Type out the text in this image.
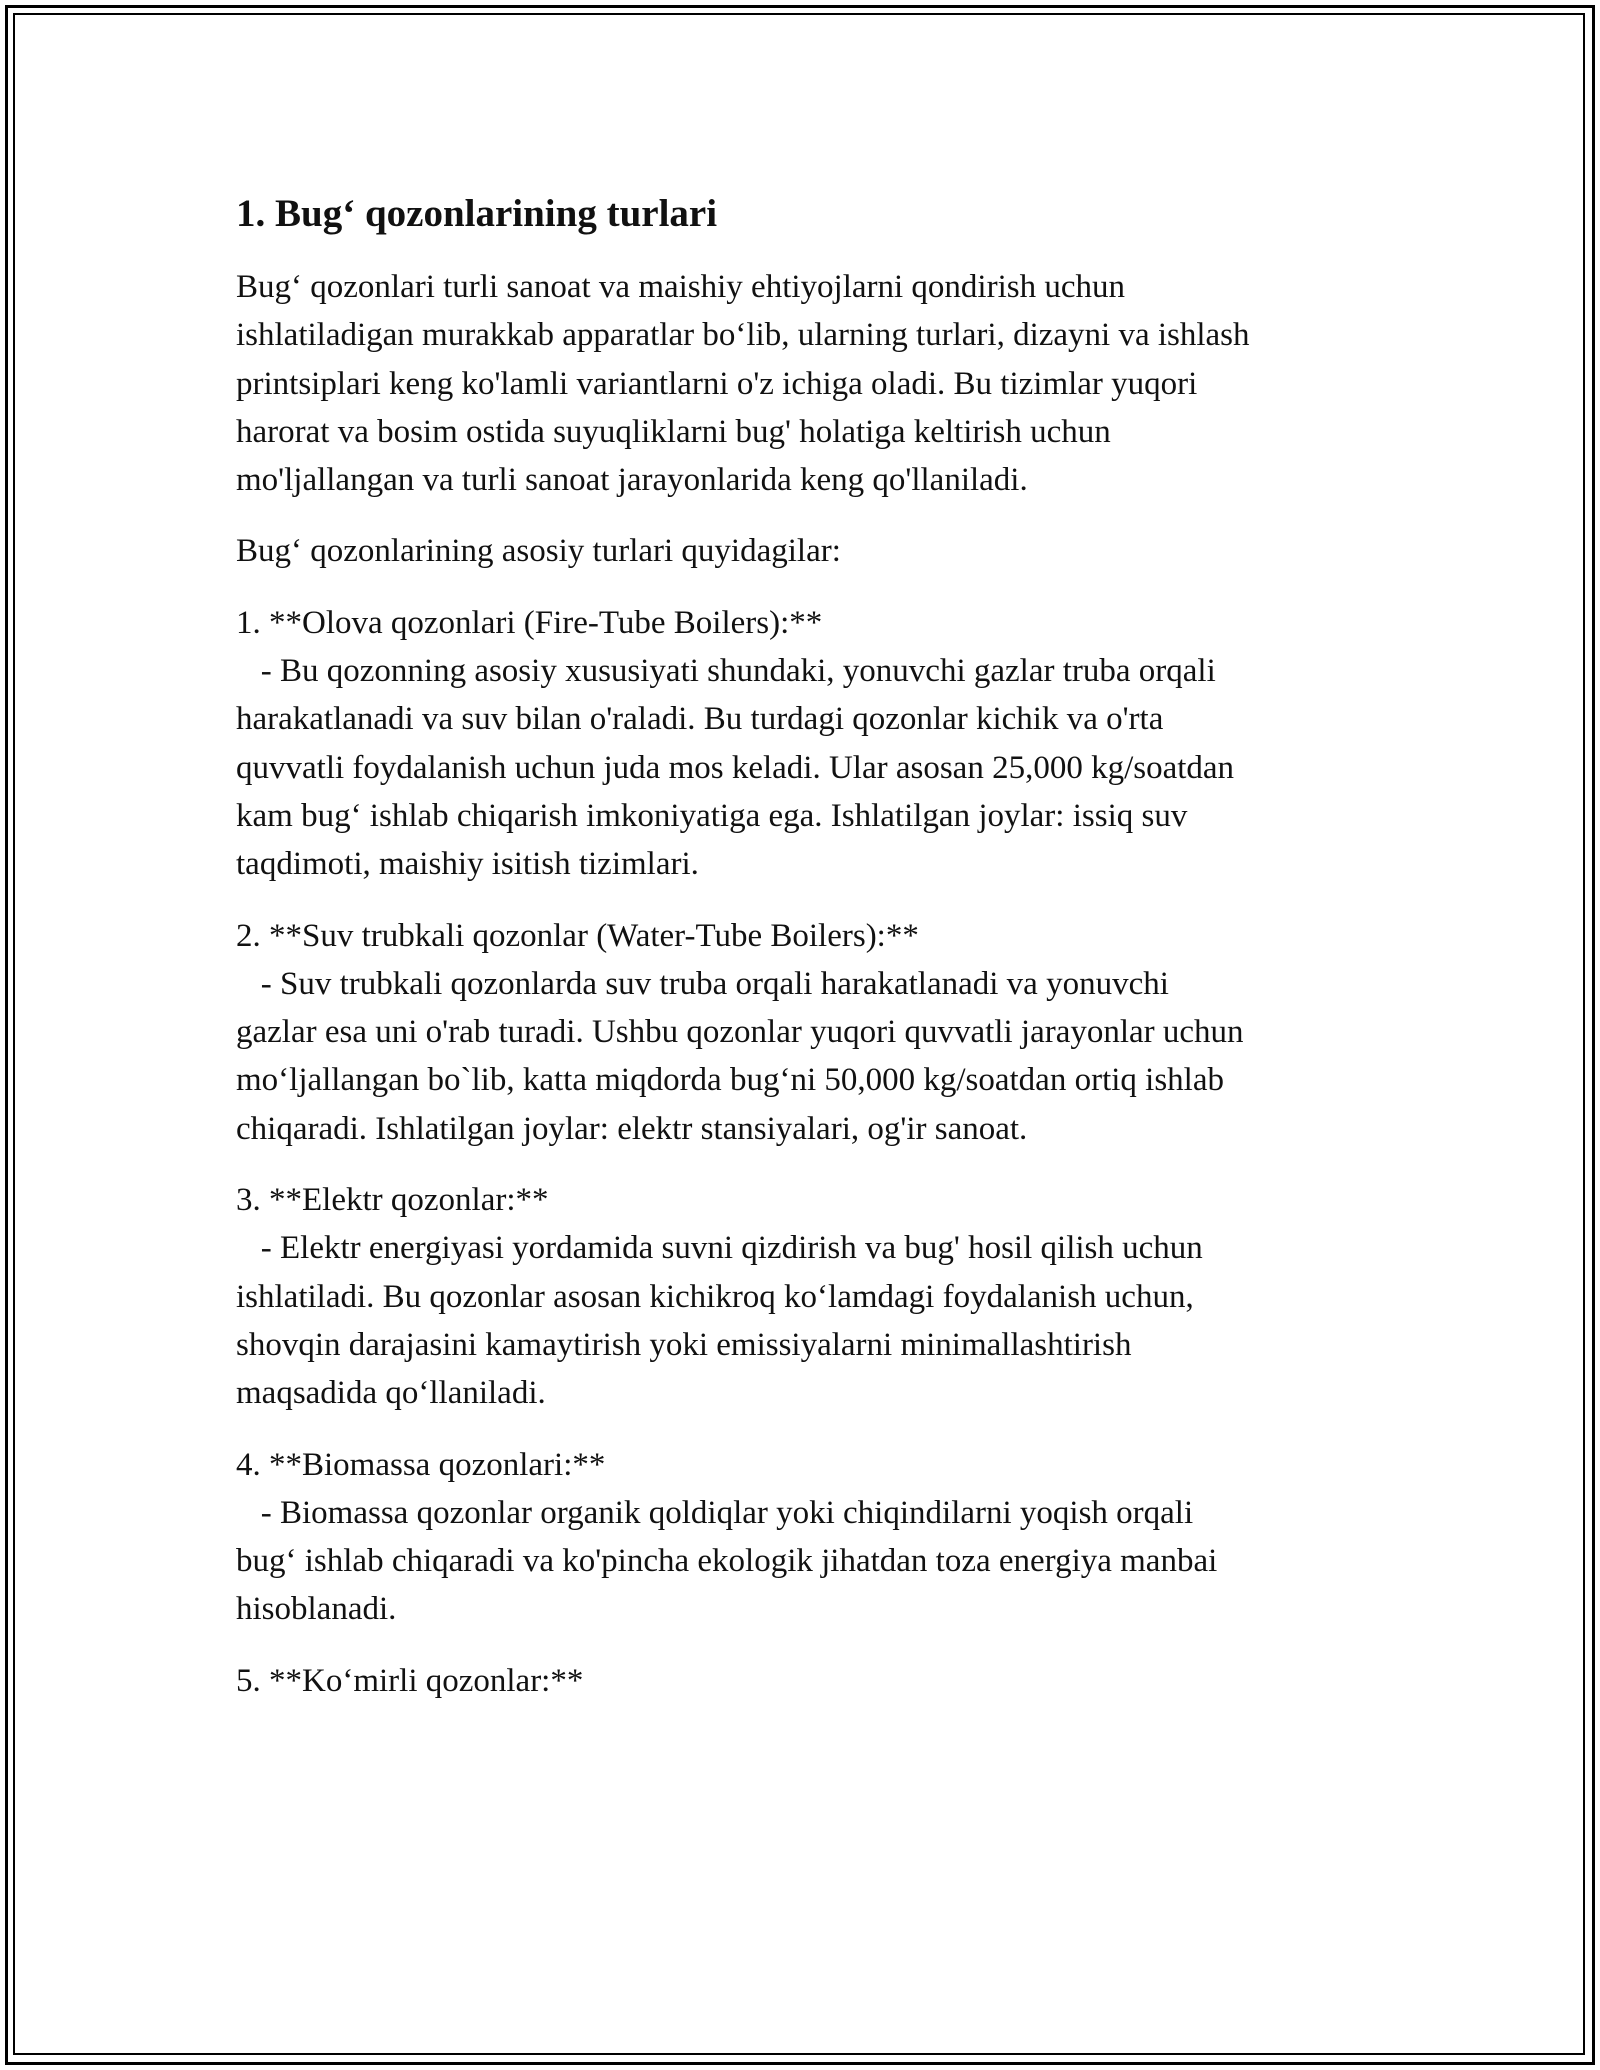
1. Bug‘ qozonlarining turlari

Bug‘ qozonlari turli sanoat va maishiy ehtiyojlarni qondirish uchun
ishlatiladigan murakkab apparatlar bo‘lib, ularning turlari, dizayni va ishlash
printsiplari keng ko'lamli variantlarni o'z ichiga oladi. Bu tizimlar yuqori
harorat va bosim ostida suyuqliklarni bug' holatiga keltirish uchun
mo'ljallangan va turli sanoat jarayonlarida keng qo'llaniladi.

Bug‘ qozonlarining asosiy turlari quyidagilar:

1. **Olova qozonlari (Fire-Tube Boilers):**
- Bu qozonning asosiy xususiyati shundaki, yonuvchi gazlar truba orqali
harakatlanadi va suv bilan o'raladi. Bu turdagi qozonlar kichik va o'rta
quvvatli foydalanish uchun juda mos keladi. Ular asosan 25,000 kg/soatdan
kam bug‘ ishlab chiqarish imkoniyatiga ega. Ishlatilgan joylar: issiq suv
taqdimoti, maishiy isitish tizimlari.

2. **Suv trubkali qozonlar (Water-Tube Boilers):**
- Suv trubkali qozonlarda suv truba orqali harakatlanadi va yonuvchi
gazlar esa uni o'rab turadi. Ushbu qozonlar yuqori quvvatli jarayonlar uchun
mo‘ljallangan bo`lib, katta miqdorda bug‘ni 50,000 kg/soatdan ortiq ishlab
chiqaradi. Ishlatilgan joylar: elektr stansiyalari, og'ir sanoat.

3. **Elektr qozonlar:**
- Elektr energiyasi yordamida suvni qizdirish va bug' hosil qilish uchun
ishlatiladi. Bu qozonlar asosan kichikroq ko‘lamdagi foydalanish uchun,
shovqin darajasini kamaytirish yoki emissiyalarni minimallashtirish
maqsadida qo‘llaniladi.

4. **Biomassa qozonlari:**
- Biomassa qozonlar organik qoldiqlar yoki chiqindilarni yoqish orqali
bug‘ ishlab chiqaradi va ko'pincha ekologik jihatdan toza energiya manbai
hisoblanadi.

5. **Ko‘mirli qozonlar:**
